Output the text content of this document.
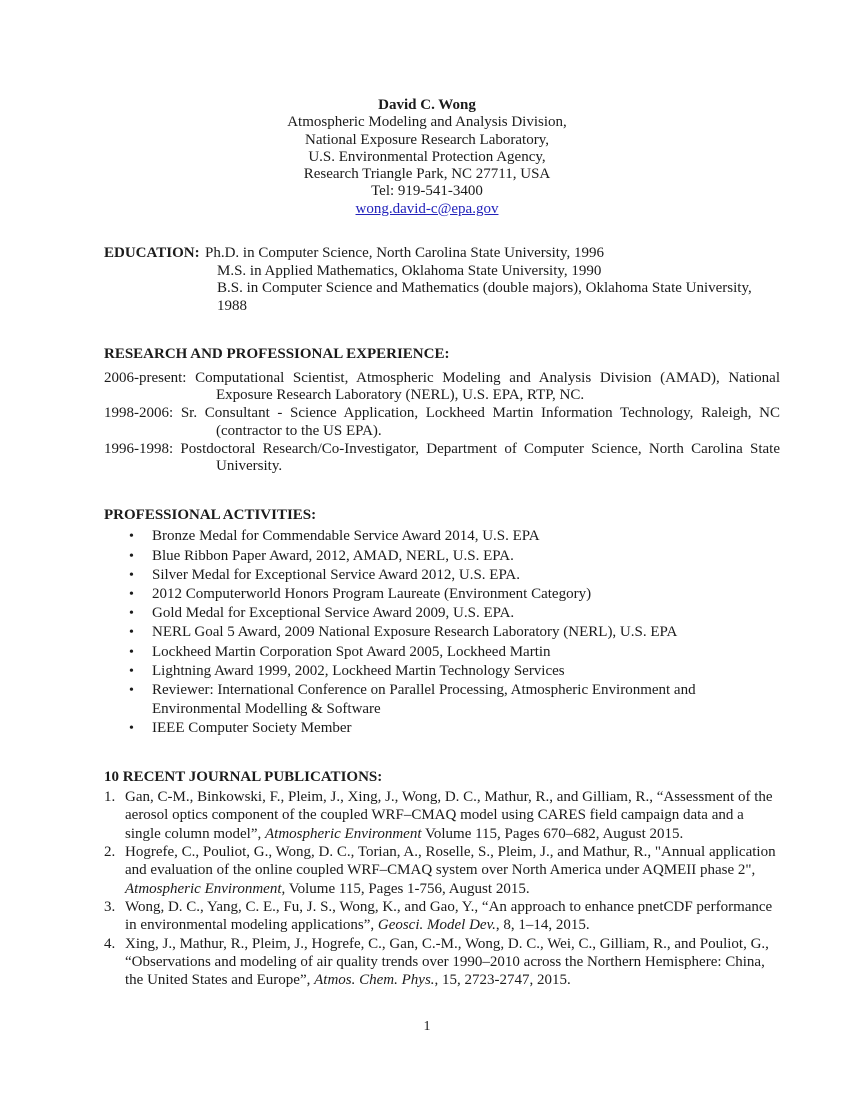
David C. Wong
Atmospheric Modeling and Analysis Division,
National Exposure Research Laboratory,
U.S. Environmental Protection Agency,
Research Triangle Park, NC 27711, USA
Tel: 919-541-3400
wong.david-c@epa.gov
EDUCATION: Ph.D. in Computer Science, North Carolina State University, 1996
M.S. in Applied Mathematics, Oklahoma State University, 1990
B.S. in Computer Science and Mathematics (double majors), Oklahoma State University, 1988
RESEARCH AND PROFESSIONAL EXPERIENCE:
2006-present: Computational Scientist, Atmospheric Modeling and Analysis Division (AMAD), National Exposure Research Laboratory (NERL), U.S. EPA, RTP, NC.
1998-2006: Sr. Consultant - Science Application, Lockheed Martin Information Technology, Raleigh, NC (contractor to the US EPA).
1996-1998: Postdoctoral Research/Co-Investigator, Department of Computer Science, North Carolina State University.
PROFESSIONAL ACTIVITIES:
• Bronze Medal for Commendable Service Award 2014, U.S. EPA
• Blue Ribbon Paper Award, 2012, AMAD, NERL, U.S. EPA.
• Silver Medal for Exceptional Service Award 2012, U.S. EPA.
• 2012 Computerworld Honors Program Laureate (Environment Category)
• Gold Medal for Exceptional Service Award 2009, U.S. EPA.
• NERL Goal 5 Award, 2009 National Exposure Research Laboratory (NERL), U.S. EPA
• Lockheed Martin Corporation Spot Award 2005, Lockheed Martin
• Lightning Award 1999, 2002, Lockheed Martin Technology Services
• Reviewer: International Conference on Parallel Processing, Atmospheric Environment and Environmental Modelling & Software
• IEEE Computer Society Member
10 RECENT JOURNAL PUBLICATIONS:
1. Gan, C-M., Binkowski, F., Pleim, J., Xing, J., Wong, D. C., Mathur, R., and Gilliam, R., “Assessment of the aerosol optics component of the coupled WRF–CMAQ model using CARES field campaign data and a single column model”, Atmospheric Environment Volume 115, Pages 670–682, August 2015.
2. Hogrefe, C., Pouliot, G., Wong, D. C., Torian, A., Roselle, S., Pleim, J., and Mathur, R., "Annual application and evaluation of the online coupled WRF–CMAQ system over North America under AQMEII phase 2", Atmospheric Environment, Volume 115, Pages 1-756, August 2015.
3. Wong, D. C., Yang, C. E., Fu, J. S., Wong, K., and Gao, Y., “An approach to enhance pnetCDF performance in environmental modeling applications”, Geosci. Model Dev., 8, 1–14, 2015.
4. Xing, J., Mathur, R., Pleim, J., Hogrefe, C., Gan, C.-M., Wong, D. C., Wei, C., Gilliam, R., and Pouliot, G., “Observations and modeling of air quality trends over 1990–2010 across the Northern Hemisphere: China, the United States and Europe”, Atmos. Chem. Phys., 15, 2723-2747, 2015.
1
